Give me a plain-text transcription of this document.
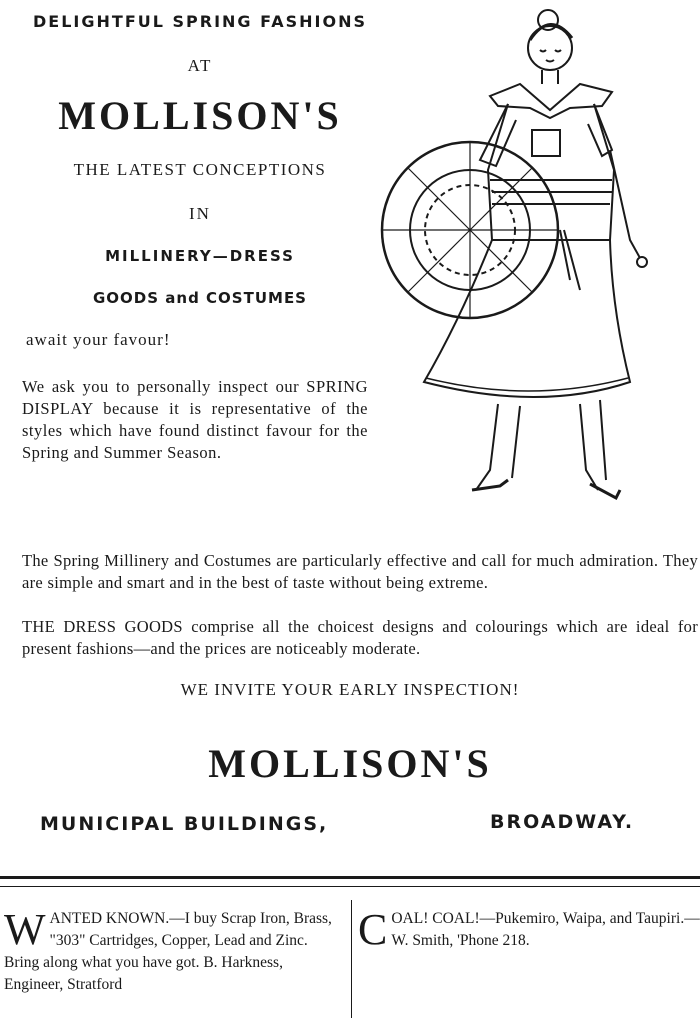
DELIGHTFUL SPRING FASHIONS
AT
MOLLISON'S
THE LATEST CONCEPTIONS
IN
MILLINERY—DRESS
GOODS and COSTUMES
await your favour!
We ask you to personally inspect our SPRING DISPLAY because it is representative of the styles which have found distinct favour for the Spring and Summer Season.
The Spring Millinery and Costumes are particularly effective and call for much admiration. They are simple and smart and in the best of taste without being extreme.
THE DRESS GOODS comprise all the choicest designs and colourings which are ideal for present fashions—and the prices are noticeably moderate.
WE INVITE YOUR EARLY INSPECTION!
MOLLISON'S
MUNICIPAL BUILDINGS,	BROADWAY.
WANTED KNOWN.—I buy Scrap Iron, Brass, "303" Cartridges, Copper, Lead and Zinc. Bring along what you have got. B. Harkness, Engineer, Stratford
COAL! COAL!—Pukemiro, Waipa, and Taupiri.—W. Smith, 'Phone 218.
